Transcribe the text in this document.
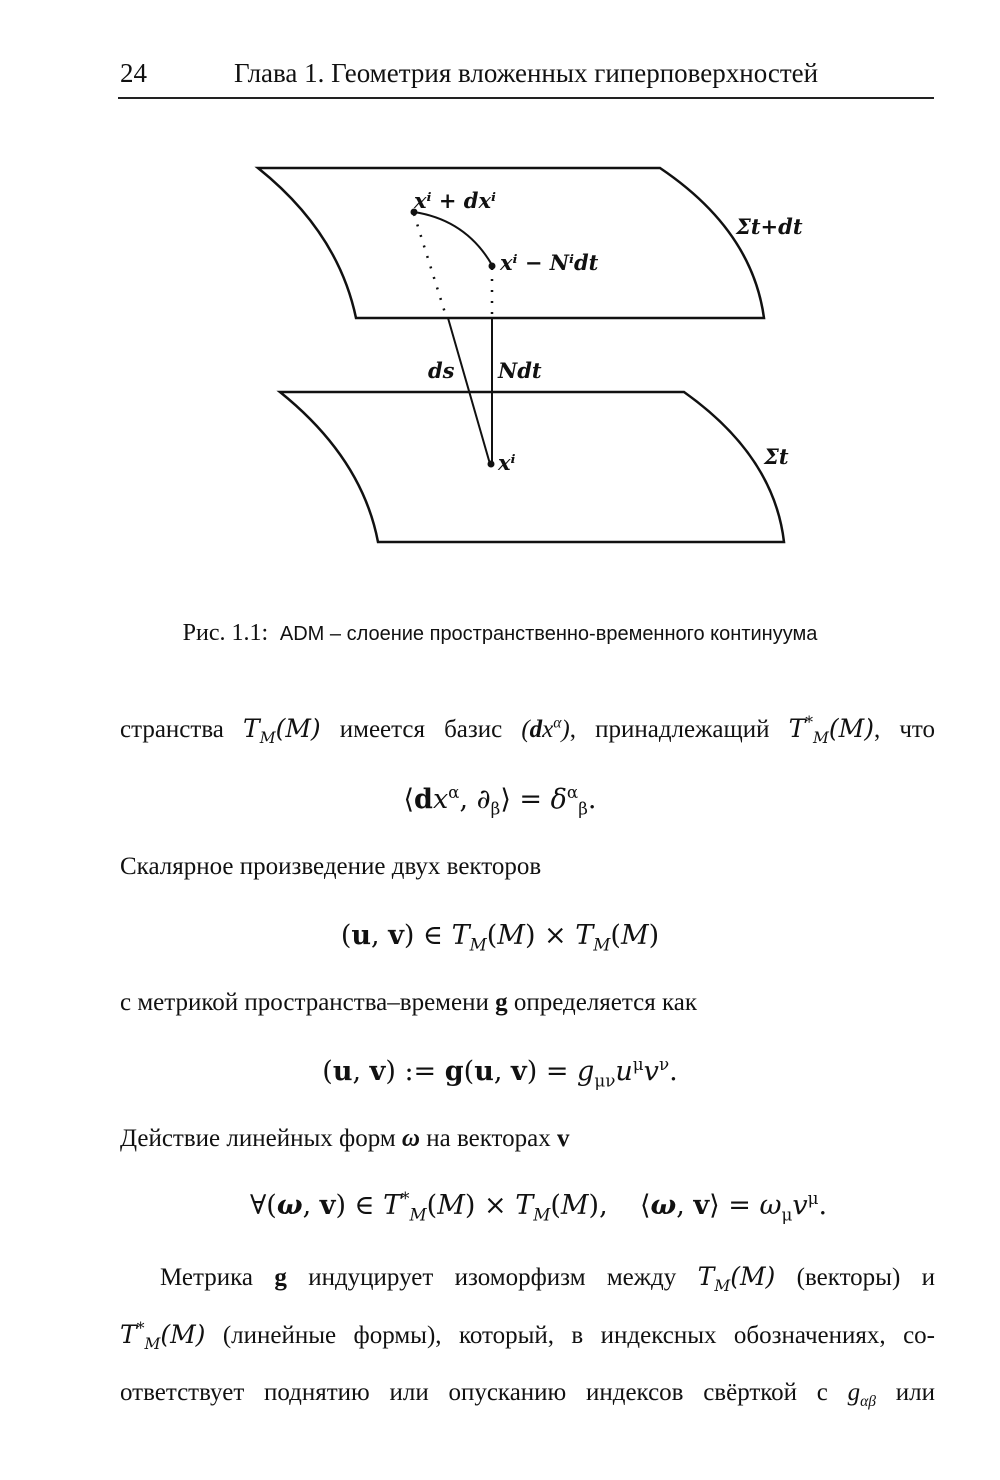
24	Глава 1. Геометрия вложенных гиперповерхностей
xⁱ + dxⁱ
xⁱ − Nⁱdt
Σt+dt
ds Ndt
xⁱ	Σt
Рис. 1.1: ADM – слоение пространственно-временного континуума
странства $T_M(M)$ имеется базис $(dx^\alpha)$, принадлежащий $T^*_M(M)$, что
$⟨dx^\alpha$, $\partial_\beta⟩ = \delta^\alpha_\beta$.
Скалярное произведение двух векторов
(u, v) ∈ $T_M(M) \times T_M(M)$
с метрикой пространства–времени g определяется как
(u, v) := g(u, $v) = g_{\mu\nu}u^\mu v^\nu$.
Действие линейных форм ω на векторах v
∀(ω, v) ∈ $T^*_M(M) \times T_M(M)$, ⟨ω, v⟩ = $\omega_\mu v^\mu$.
Метрика g индуцирует изоморфизм между $T_M(M)$ (векторы) и
$T^*_M(M)$ (линейные формы), который, в индексных обозначениях, со-
ответствует поднятию или опусканию индексов свёрткой с $g_{\alpha\beta}$ или
